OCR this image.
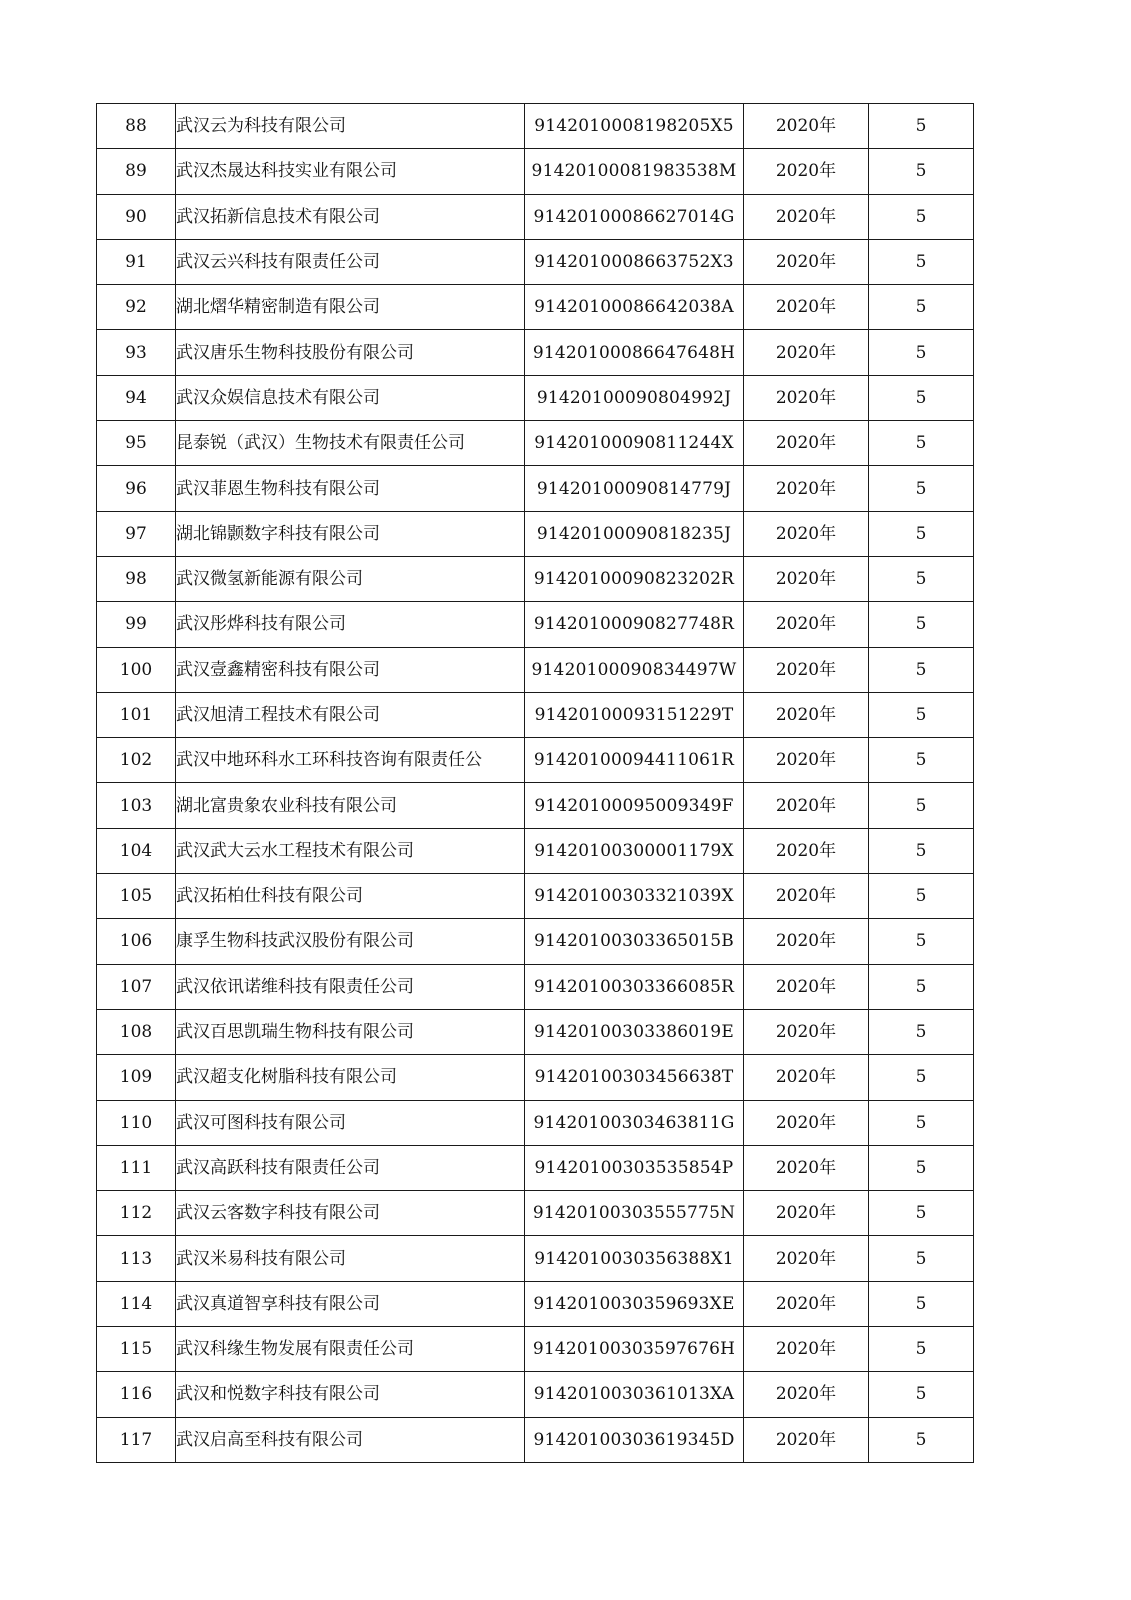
88	武汉云为科技有限公司	9142010008198205X5	2020年	5
89	武汉杰晟达科技实业有限公司	91420100081983538M	2020年	5
90	武汉拓新信息技术有限公司	91420100086627014G	2020年	5
91	武汉云兴科技有限责任公司	9142010008663752X3	2020年	5
92	湖北熠华精密制造有限公司	91420100086642038A	2020年	5
93	武汉唐乐生物科技股份有限公司	91420100086647648H	2020年	5
94	武汉众娱信息技术有限公司	91420100090804992J	2020年	5
95	昆泰锐（武汉）生物技术有限责任公司	91420100090811244X	2020年	5
96	武汉菲恩生物科技有限公司	91420100090814779J	2020年	5
97	湖北锦颢数字科技有限公司	91420100090818235J	2020年	5
98	武汉微氢新能源有限公司	91420100090823202R	2020年	5
99	武汉彤烨科技有限公司	91420100090827748R	2020年	5
100	武汉壹鑫精密科技有限公司	91420100090834497W	2020年	5
101	武汉旭清工程技术有限公司	91420100093151229T	2020年	5
102	武汉中地环科水工环科技咨询有限责任公	91420100094411061R	2020年	5
103	湖北富贵象农业科技有限公司	91420100095009349F	2020年	5
104	武汉武大云水工程技术有限公司	91420100300001179X	2020年	5
105	武汉拓柏仕科技有限公司	91420100303321039X	2020年	5
106	康孚生物科技武汉股份有限公司	91420100303365015B	2020年	5
107	武汉依讯诺维科技有限责任公司	91420100303366085R	2020年	5
108	武汉百思凯瑞生物科技有限公司	91420100303386019E	2020年	5
109	武汉超支化树脂科技有限公司	91420100303456638T	2020年	5
110	武汉可图科技有限公司	91420100303463811G	2020年	5
111	武汉高跃科技有限责任公司	91420100303535854P	2020年	5
112	武汉云客数字科技有限公司	91420100303555775N	2020年	5
113	武汉米易科技有限公司	9142010030356388X1	2020年	5
114	武汉真道智享科技有限公司	9142010030359693XE	2020年	5
115	武汉科缘生物发展有限责任公司	91420100303597676H	2020年	5
116	武汉和悦数字科技有限公司	9142010030361013XA	2020年	5
117	武汉启高至科技有限公司	91420100303619345D	2020年	5
